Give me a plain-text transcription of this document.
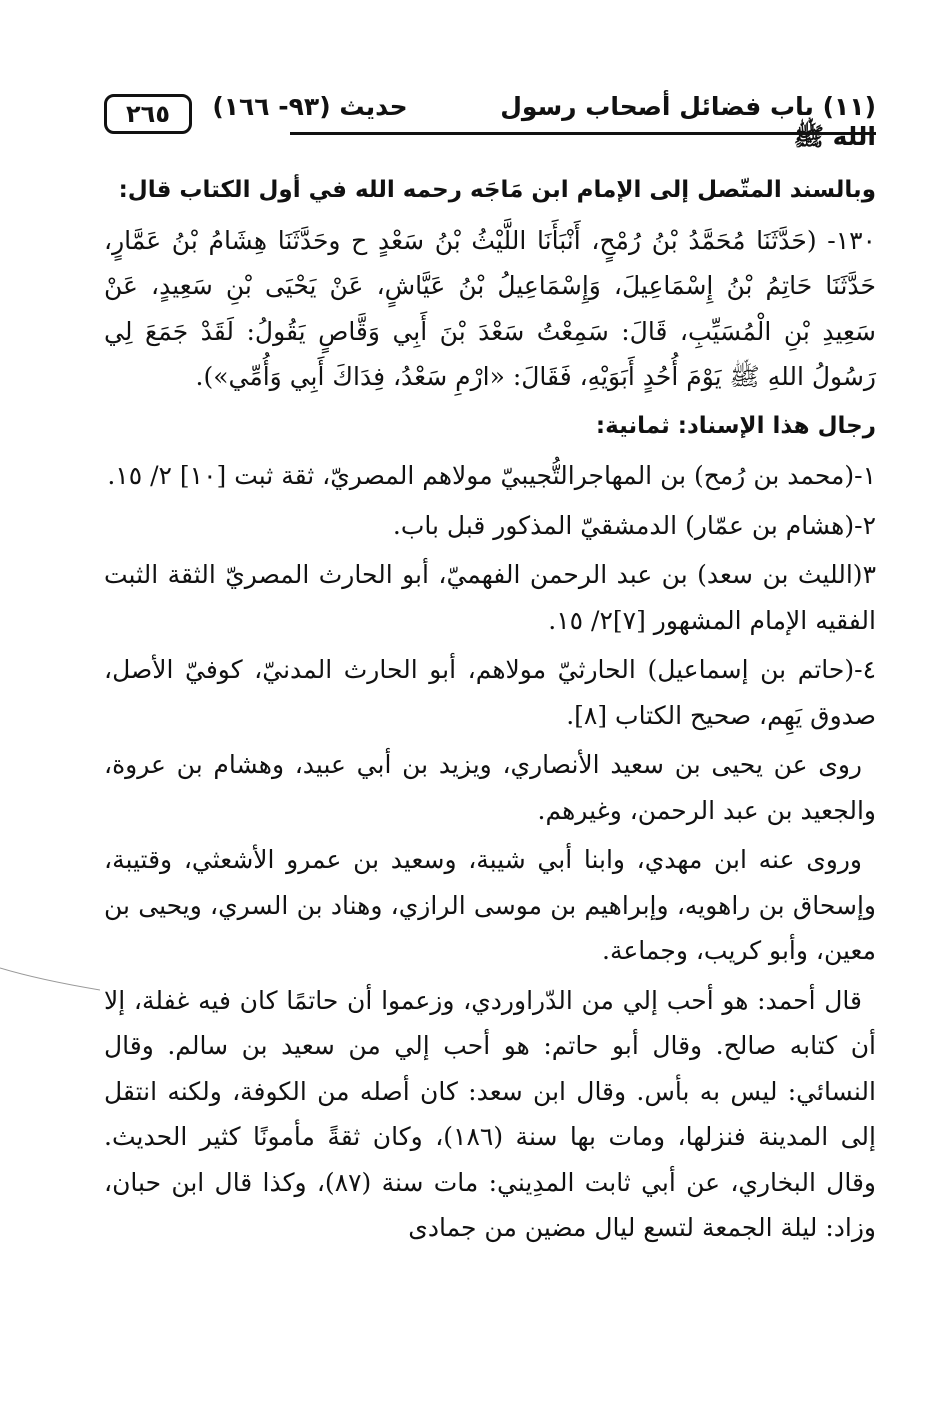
٢٦٥	حديث (٩٣- ١٦٦)	(١١) باب فضائل أصحاب رسول الله ﷺ

وبالسند المتّصل إلى الإمام ابن مَاجَه رحمه الله في أول الكتاب قال:

١٣٠- (حَدَّثَنَا مُحَمَّدُ بْنُ رُمْحٍ، أَنْبَأَنَا اللَّيْثُ بْنُ سَعْدٍ ح وحَدَّثَنَا هِشَامُ بْنُ عَمَّارٍ، حَدَّثَنَا حَاتِمُ بْنُ إِسْمَاعِيلَ، وَإِسْمَاعِيلُ بْنُ عَيَّاشٍ، عَنْ يَحْيَى بْنِ سَعِيدٍ، عَنْ سَعِيدِ بْنِ الْمُسَيِّبِ، قَالَ: سَمِعْتُ سَعْدَ بْنَ أَبِي وَقَّاصٍ يَقُولُ: لَقَدْ جَمَعَ لِي رَسُولُ اللهِ ﷺ يَوْمَ أُحُدٍ أَبَوَيْهِ، فَقَالَ: «ارْمِ سَعْدُ، فِدَاكَ أَبِي وَأُمِّي»).

رجال هذا الإسناد: ثمانية:

١-(محمد بن رُمح) بن المهاجرالتُّجيبيّ مولاهم المصريّ، ثقة ثبت [١٠] ٢/ ١٥.

٢-(هشام بن عمّار) الدمشقيّ المذكور قبل باب.

٣(الليث بن سعد) بن عبد الرحمن الفهميّ، أبو الحارث المصريّ الثقة الثبت الفقيه الإمام المشهور [٧]٢/ ١٥.

٤-(حاتم بن إسماعيل) الحارثيّ مولاهم، أبو الحارث المدنيّ، كوفيّ الأصل، صدوق يَهِم، صحيح الكتاب [٨].

روى عن يحيى بن سعيد الأنصاري، ويزيد بن أبي عبيد، وهشام بن عروة، والجعيد بن عبد الرحمن، وغيرهم.

وروى عنه ابن مهدي، وابنا أبي شيبة، وسعيد بن عمرو الأشعثي، وقتيبة، وإسحاق بن راهويه، وإبراهيم بن موسى الرازي، وهناد بن السري، ويحيى بن معين، وأبو كريب، وجماعة.

قال أحمد: هو أحب إلي من الدّراوردي، وزعموا أن حاتمًا كان فيه غفلة، إلا أن كتابه صالح. وقال أبو حاتم: هو أحب إلي من سعيد بن سالم. وقال النسائي: ليس به بأس. وقال ابن سعد: كان أصله من الكوفة، ولكنه انتقل إلى المدينة فنزلها، ومات بها سنة (١٨٦)، وكان ثقةً مأمونًا كثير الحديث. وقال البخاري، عن أبي ثابت المدِيني: مات سنة (٨٧)، وكذا قال ابن حبان، وزاد: ليلة الجمعة لتسع ليال مضين من جمادى
